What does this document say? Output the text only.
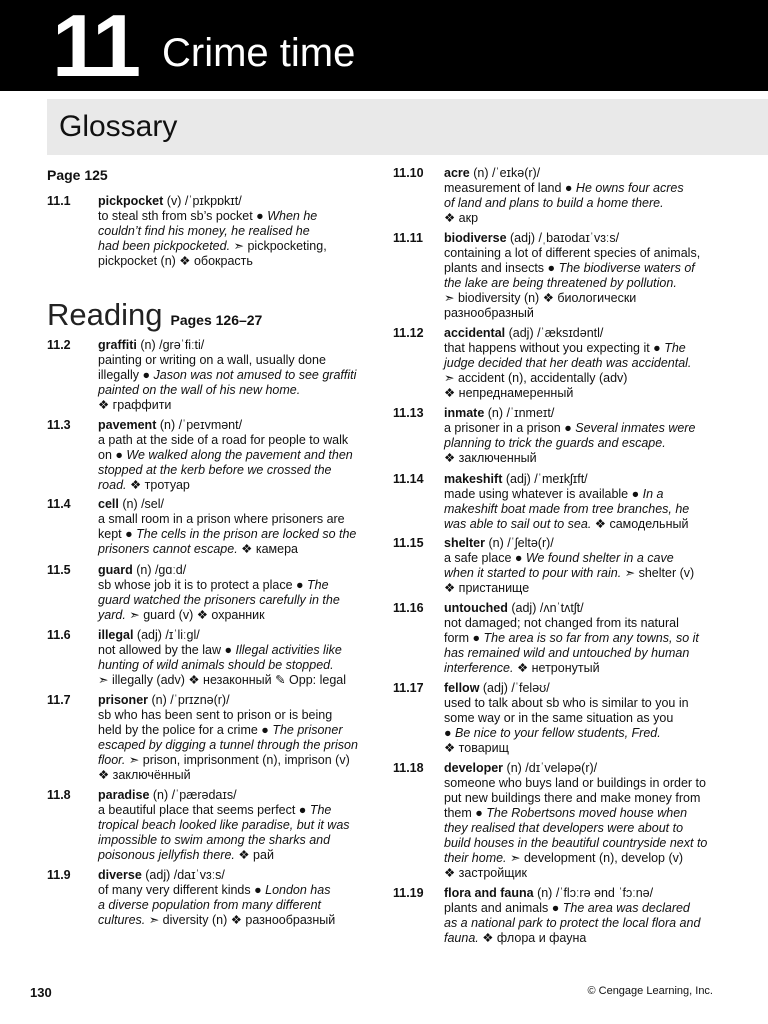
11 Crime time
Glossary
Page 125
11.1 pickpocket (v) /ˈpɪkpɒkɪt/
to steal sth from sb’s pocket ● When he
couldn’t find his money, he realised he
had been pickpocketed. ➣ pickpocketing,
pickpocket (n) ❖ обокрасть
Reading Pages 126–27
11.2 graffiti (n) /ɡrəˈfiːti/
painting or writing on a wall, usually done
illegally ● Jason was not amused to see graffiti
painted on the wall of his new home.
❖ граффити
11.3 pavement (n) /ˈpeɪvmənt/
a path at the side of a road for people to walk
on ● We walked along the pavement and then
stopped at the kerb before we crossed the
road. ❖ тротуар
11.4 cell (n) /sel/
a small room in a prison where prisoners are
kept ● The cells in the prison are locked so the
prisoners cannot escape. ❖ камера
11.5 guard (n) /ɡɑːd/
sb whose job it is to protect a place ● The
guard watched the prisoners carefully in the
yard. ➣ guard (v) ❖ охранник
11.6 illegal (adj) /ɪˈliːɡl/
not allowed by the law ● Illegal activities like
hunting of wild animals should be stopped.
➣ illegally (adv) ❖ незаконный ✎ Opp: legal
11.7 prisoner (n) /ˈprɪznə(r)/
sb who has been sent to prison or is being
held by the police for a crime ● The prisoner
escaped by digging a tunnel through the prison
floor. ➣ prison, imprisonment (n), imprison (v)
❖ заключённый
11.8 paradise (n) /ˈpærədaɪs/
a beautiful place that seems perfect ● The
tropical beach looked like paradise, but it was
impossible to swim among the sharks and
poisonous jellyfish there. ❖ рай
11.9 diverse (adj) /daɪˈvɜːs/
of many very different kinds ● London has
a diverse population from many different
cultures. ➣ diversity (n) ❖ разнообразный
11.10 acre (n) /ˈeɪkə(r)/
measurement of land ● He owns four acres
of land and plans to build a home there.
❖ акр
11.11 biodiverse (adj) /ˌbaɪodaɪˈvɜːs/
containing a lot of different species of animals,
plants and insects ● The biodiverse waters of
the lake are being threatened by pollution.
➣ biodiversity (n) ❖ биологически
разнообразный
11.12 accidental (adj) /ˈæksɪdəntl/
that happens without you expecting it ● The
judge decided that her death was accidental.
➣ accident (n), accidentally (adv)
❖ непреднамеренный
11.13 inmate (n) /ˈɪnmeɪt/
a prisoner in a prison ● Several inmates were
planning to trick the guards and escape.
❖ заключенный
11.14 makeshift (adj) /ˈmeɪkʃɪft/
made using whatever is available ● In a
makeshift boat made from tree branches, he
was able to sail out to sea. ❖ самодельный
11.15 shelter (n) /ˈʃeltə(r)/
a safe place ● We found shelter in a cave
when it started to pour with rain. ➣ shelter (v)
❖ пристанище
11.16 untouched (adj) /ʌnˈtʌtʃt/
not damaged; not changed from its natural
form ● The area is so far from any towns, so it
has remained wild and untouched by human
interference. ❖ нетронутый
11.17 fellow (adj) /ˈfeləʊ/
used to talk about sb who is similar to you in
some way or in the same situation as you
● Be nice to your fellow students, Fred.
❖ товарищ
11.18 developer (n) /dɪˈveləpə(r)/
someone who buys land or buildings in order to
put new buildings there and make money from
them ● The Robertsons moved house when
they realised that developers were about to
build houses in the beautiful countryside next to
their home. ➣ development (n), develop (v)
❖ застройщик
11.19 flora and fauna (n) /ˈflɔːrə ənd ˈfɔːnə/
plants and animals ● The area was declared
as a national park to protect the local flora and
fauna. ❖ флора и фауна
130	© Cengage Learning, Inc.
